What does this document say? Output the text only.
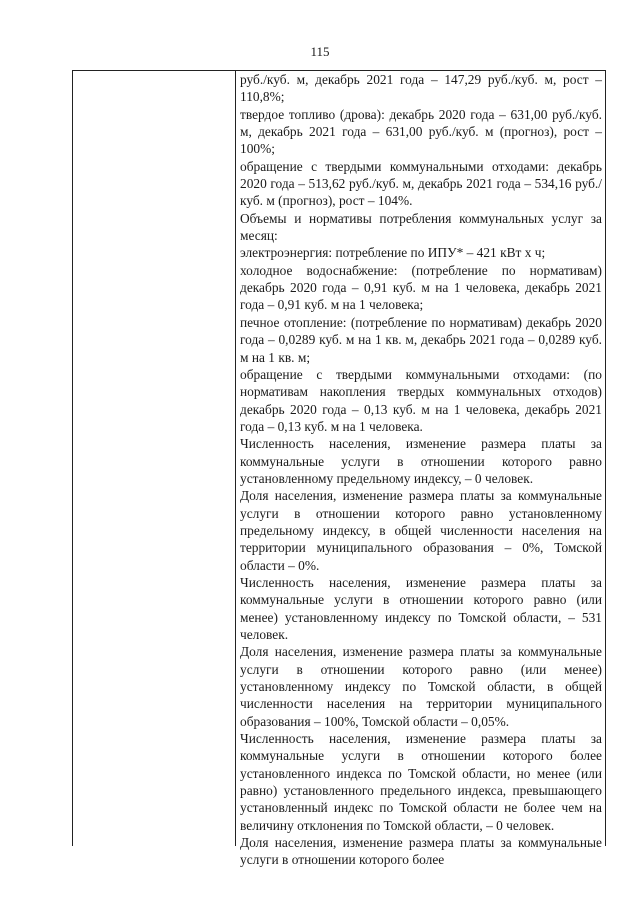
115

руб./куб. м, декабрь 2021 года – 147,29 руб./куб. м, рост – 110,8%;

твердое топливо (дрова): декабрь 2020 года – 631,00 руб./куб. м, декабрь 2021 года – 631,00 руб./куб. м (прогноз), рост – 100%;

обращение с твердыми коммунальными отходами: декабрь 2020 года – 513,62 руб./куб. м, декабрь 2021 года – 534,16 руб./куб. м (прогноз), рост – 104%.

Объемы и нормативы потребления коммунальных услуг за месяц:

электроэнергия: потребление по ИПУ* – 421 кВт х ч;

холодное водоснабжение: (потребление по нормативам) декабрь 2020 года – 0,91 куб. м на 1 человека, декабрь 2021 года – 0,91 куб. м на 1 человека;

печное отопление: (потребление по нормативам) декабрь 2020 года – 0,0289 куб. м на 1 кв. м, декабрь 2021 года – 0,0289 куб. м на 1 кв. м;

обращение с твердыми коммунальными отходами: (по нормативам накопления твердых коммунальных отходов) декабрь 2020 года – 0,13 куб. м на 1 человека, декабрь 2021 года – 0,13 куб. м на 1 человека.

Численность населения, изменение размера платы за коммунальные услуги в отношении которого равно установленному предельному индексу, – 0 человек.

Доля населения, изменение размера платы за коммунальные услуги в отношении которого равно установленному предельному индексу, в общей численности населения на территории муниципального образования – 0%, Томской области – 0%.

Численность населения, изменение размера платы за коммунальные услуги в отношении которого равно (или менее) установленному индексу по Томской области, – 531 человек.

Доля населения, изменение размера платы за коммунальные услуги в отношении которого равно (или менее) установленному индексу по Томской области, в общей численности населения на территории муниципального образования – 100%, Томской области – 0,05%.

Численность населения, изменение размера платы за коммунальные услуги в отношении которого более установленного индекса по Томской области, но менее (или равно) установленного предельного индекса, превышающего установленный индекс по Томской области не более чем на величину отклонения по Томской области, – 0 человек.

Доля населения, изменение размера платы за коммунальные услуги в отношении которого более
